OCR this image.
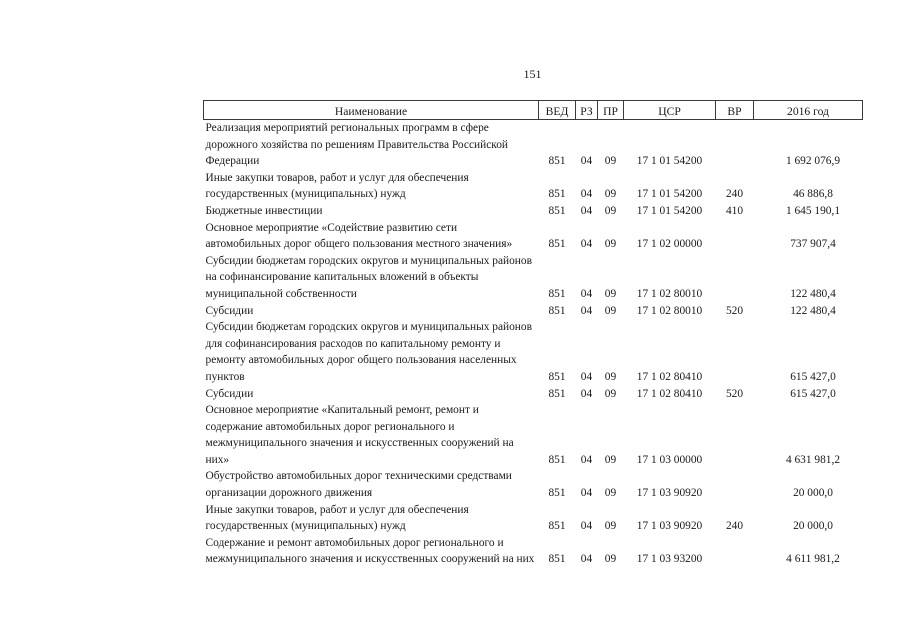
151
Наименование	ВЕД	РЗ	ПР	ЦСР	ВР	2016 год
Реализация мероприятий региональных программ в сфере дорожного хозяйства по решениям Правительства Российской Федерации	851	04	09	17 1 01 54200		1 692 076,9
Иные закупки товаров, работ и услуг для обеспечения государственных (муниципальных) нужд	851	04	09	17 1 01 54200	240	46 886,8
Бюджетные инвестиции	851	04	09	17 1 01 54200	410	1 645 190,1
Основное мероприятие «Содействие развитию сети автомобильных дорог общего пользования местного значения»	851	04	09	17 1 02 00000		737 907,4
Субсидии бюджетам городских округов и муниципальных районов на софинансирование капитальных вложений в объекты муниципальной собственности	851	04	09	17 1 02 80010		122 480,4
Субсидии	851	04	09	17 1 02 80010	520	122 480,4
Субсидии бюджетам городских округов и муниципальных районов для софинансирования расходов по капитальному ремонту и ремонту автомобильных дорог общего пользования населенных пунктов	851	04	09	17 1 02 80410		615 427,0
Субсидии	851	04	09	17 1 02 80410	520	615 427,0
Основное мероприятие «Капитальный ремонт, ремонт и содержание автомобильных дорог регионального и межмуниципального значения и искусственных сооружений на них»	851	04	09	17 1 03 00000		4 631 981,2
Обустройство автомобильных дорог техническими средствами организации дорожного движения	851	04	09	17 1 03 90920		20 000,0
Иные закупки товаров, работ и услуг для обеспечения государственных (муниципальных) нужд	851	04	09	17 1 03 90920	240	20 000,0
Содержание и ремонт автомобильных дорог регионального и межмуниципального значения и искусственных сооружений на них	851	04	09	17 1 03 93200		4 611 981,2
